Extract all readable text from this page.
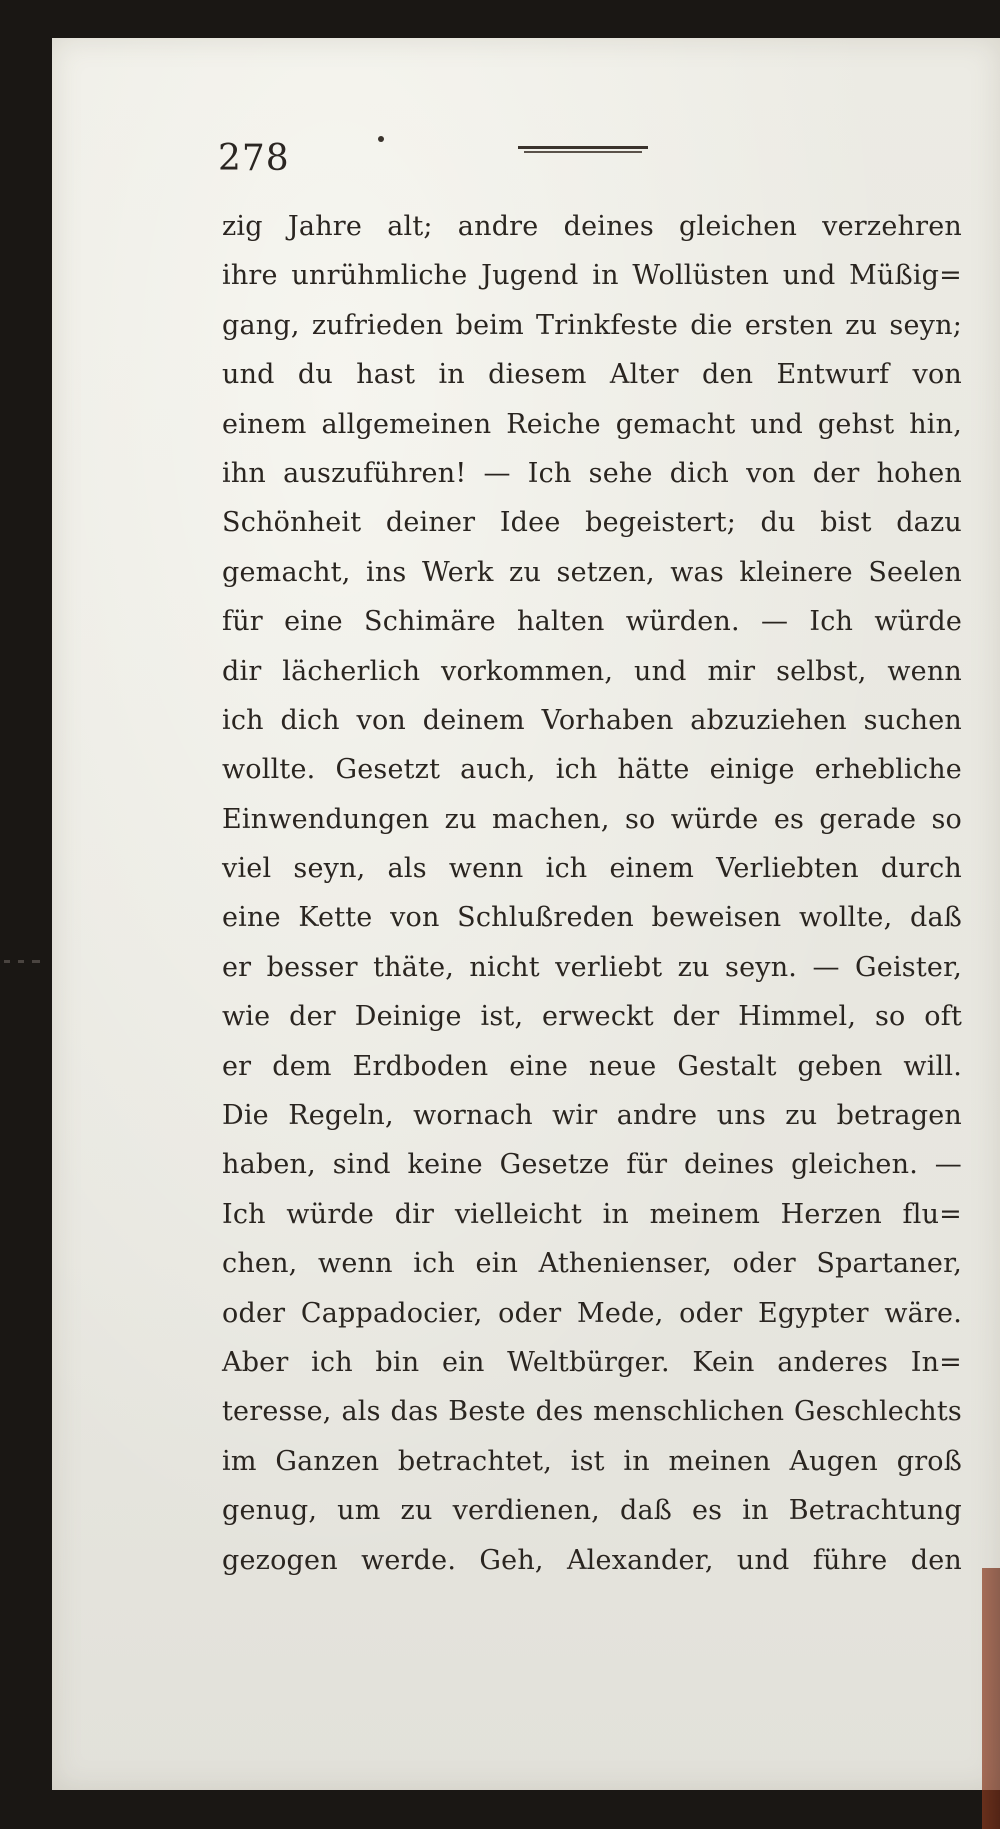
278
zig Jahre alt; andre deines gleichen verzehren
ihre unrühmliche Jugend in Wollüsten und Müßig=
gang, zufrieden beim Trinkfeste die ersten zu seyn;
und du hast in diesem Alter den Entwurf von
einem allgemeinen Reiche gemacht und gehst hin,
ihn auszuführen! — Ich sehe dich von der hohen
Schönheit deiner Idee begeistert; du bist dazu
gemacht, ins Werk zu setzen, was kleinere Seelen
für eine Schimäre halten würden. — Ich würde
dir lächerlich vorkommen, und mir selbst, wenn
ich dich von deinem Vorhaben abzuziehen suchen
wollte. Gesetzt auch, ich hätte einige erhebliche
Einwendungen zu machen, so würde es gerade so
viel seyn, als wenn ich einem Verliebten durch
eine Kette von Schlußreden beweisen wollte, daß
er besser thäte, nicht verliebt zu seyn. — Geister,
wie der Deinige ist, erweckt der Himmel, so oft
er dem Erdboden eine neue Gestalt geben will.
Die Regeln, wornach wir andre uns zu betragen
haben, sind keine Gesetze für deines gleichen. —
Ich würde dir vielleicht in meinem Herzen flu=
chen, wenn ich ein Athenienser, oder Spartaner,
oder Cappadocier, oder Mede, oder Egypter wäre.
Aber ich bin ein Weltbürger. Kein anderes In=
teresse, als das Beste des menschlichen Geschlechts
im Ganzen betrachtet, ist in meinen Augen groß
genug, um zu verdienen, daß es in Betrachtung
gezogen werde. Geh, Alexander, und führe den
